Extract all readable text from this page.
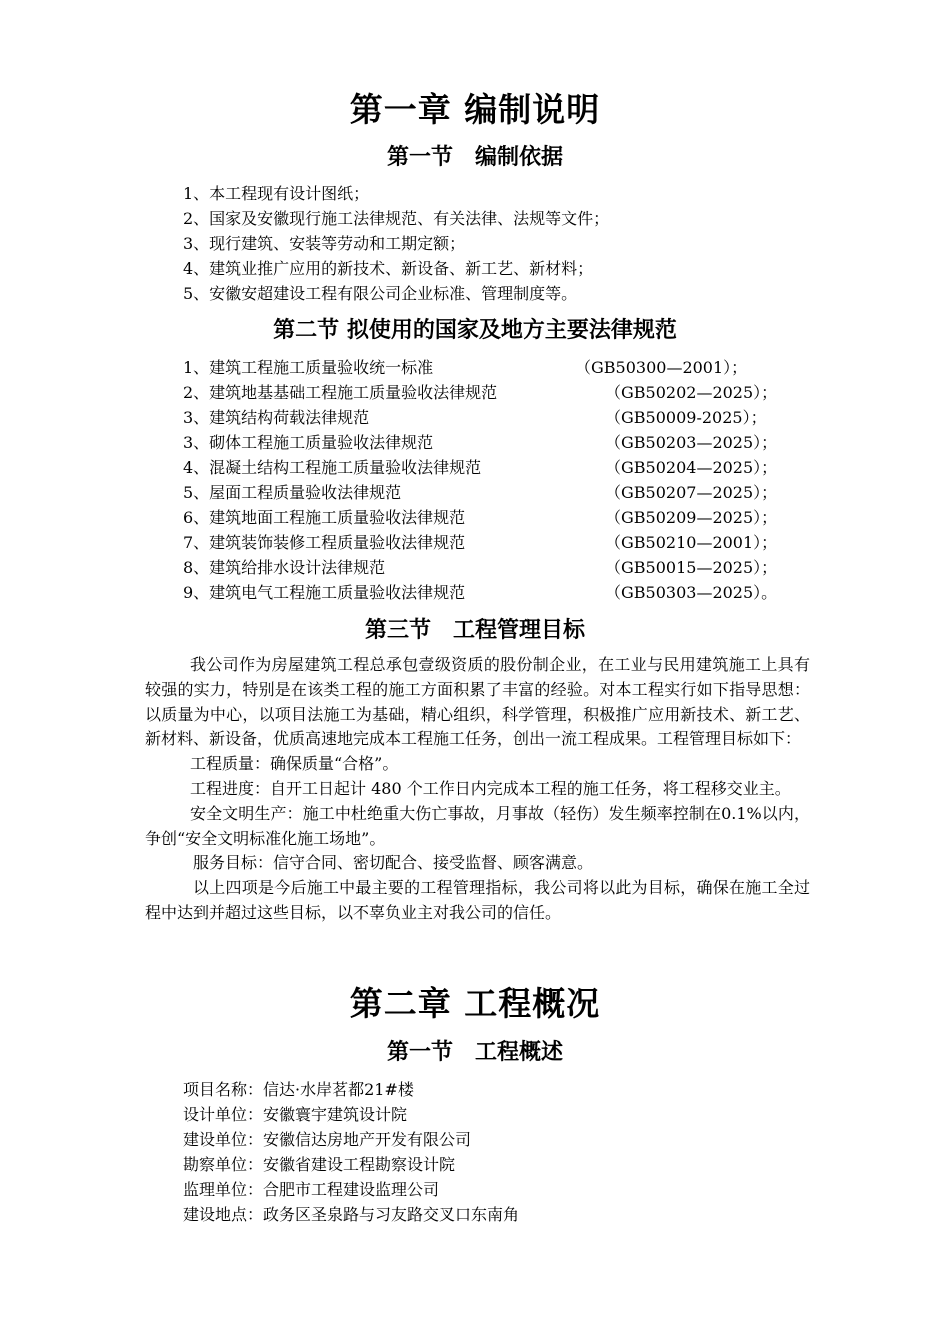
第一章 编制说明
第一节　编制依据
1、本工程现有设计图纸；
2、国家及安徽现行施工法律规范、有关法律、法规等文件；
3、现行建筑、安装等劳动和工期定额；
4、建筑业推广应用的新技术、新设备、新工艺、新材料；
5、安徽安超建设工程有限公司企业标准、管理制度等。
第二节 拟使用的国家及地方主要法律规范
1、建筑工程施工质量验收统一标准	（GB50300—2001）；
2、建筑地基基础工程施工质量验收法律规范	（GB50202—2025）；
3、建筑结构荷载法律规范	（GB50009-2025）；
3、砌体工程施工质量验收法律规范	（GB50203—2025）；
4、混凝土结构工程施工质量验收法律规范	（GB50204—2025）；
5、屋面工程质量验收法律规范	（GB50207—2025）；
6、建筑地面工程施工质量验收法律规范	（GB50209—2025）；
7、建筑装饰装修工程质量验收法律规范	（GB50210—2001）；
8、建筑给排水设计法律规范	（GB50015—2025）；
9、建筑电气工程施工质量验收法律规范	（GB50303—2025）。
第三节　工程管理目标

我公司作为房屋建筑工程总承包壹级资质的股份制企业，在工业与民用建筑施工上具有较强的实力，特别是在该类工程的施工方面积累了丰富的经验。对本工程实行如下指导思想：以质量为中心，以项目法施工为基础，精心组织，科学管理，积极推广应用新技术、新工艺、新材料、新设备，优质高速地完成本工程施工任务，创出一流工程成果。工程管理目标如下：

工程质量：确保质量“合格”。

工程进度：自开工日起计 480 个工作日内完成本工程的施工任务，将工程移交业主。

安全文明生产：施工中杜绝重大伤亡事故，月事故（轻伤）发生频率控制在0.1%以内，争创“安全文明标准化施工场地”。

服务目标：信守合同、密切配合、接受监督、顾客满意。

以上四项是今后施工中最主要的工程管理指标，我公司将以此为目标，确保在施工全过程中达到并超过这些目标，以不辜负业主对我公司的信任。

第二章 工程概况
第一节　工程概述
项目名称：信达·水岸茗都21#楼
设计单位：安徽寰宇建筑设计院
建设单位：安徽信达房地产开发有限公司
勘察单位：安徽省建设工程勘察设计院
监理单位：合肥市工程建设监理公司
建设地点：政务区圣泉路与习友路交叉口东南角
